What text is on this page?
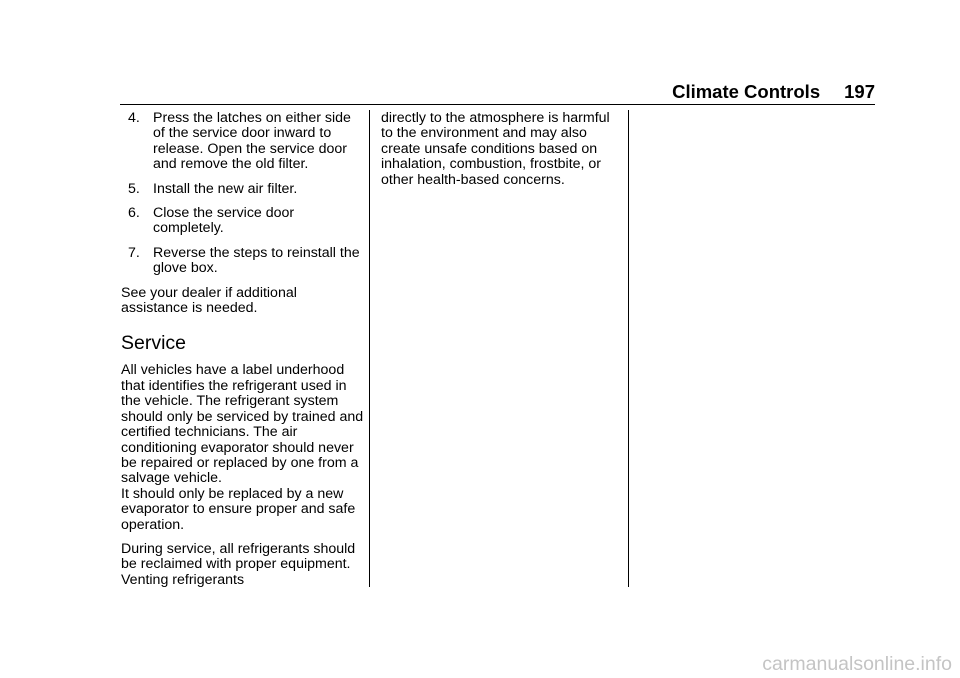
Climate Controls 197
4. Press the latches on either side of the service door inward to release. Open the service door and remove the old filter.
5. Install the new air filter.
6. Close the service door completely.
7. Reverse the steps to reinstall the glove box.

See your dealer if additional assistance is needed.

Service

All vehicles have a label underhood that identifies the refrigerant used in the vehicle. The refrigerant system should only be serviced by trained and certified technicians. The air conditioning evaporator should never be repaired or replaced by one from a salvage vehicle.

It should only be replaced by a new evaporator to ensure proper and safe operation.

During service, all refrigerants should be reclaimed with proper equipment. Venting refrigerants

directly to the atmosphere is harmful to the environment and may also create unsafe conditions based on inhalation, combustion, frostbite, or other health-based concerns.

carmanualsonline.info
